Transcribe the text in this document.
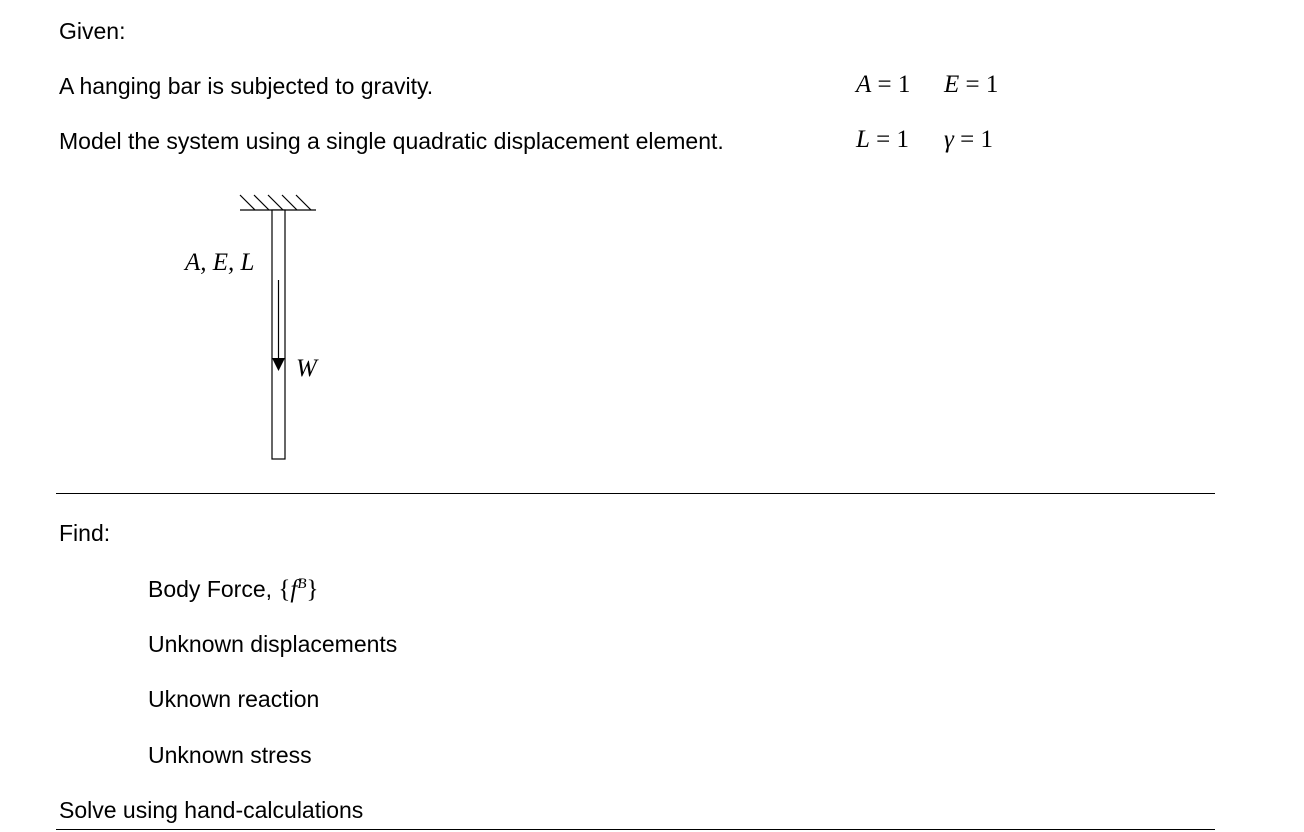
Given:
A hanging bar is subjected to gravity.
Model the system using a single quadratic displacement element.
A = 1 E = 1
L = 1 γ = 1
A, E, L
W
Find:
Body Force, $\{f^B\}$
Unknown displacements
Uknown reaction
Unknown stress
Solve using hand-calculations
